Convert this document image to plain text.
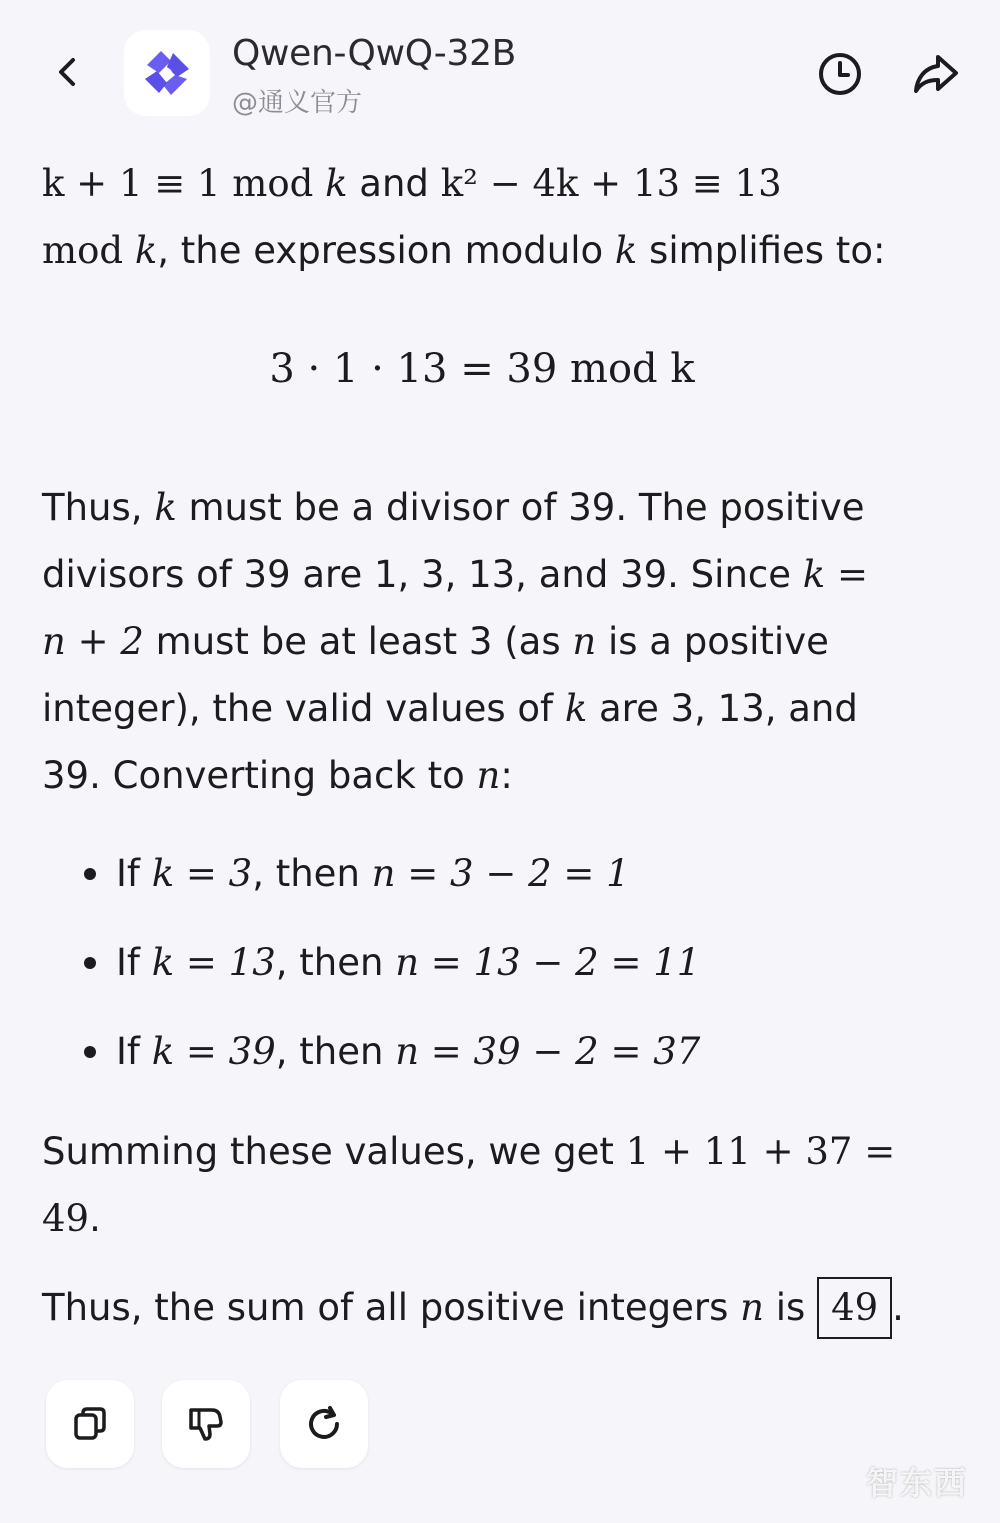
Qwen-QwQ-32B
@通义官方

k + 1 ≡ 1 mod k and k² − 4k + 13 ≡ 13
mod k, the expression modulo k simplifies to:

3 · 1 · 13 = 39 mod k

Thus, k must be a divisor of 39. The positive divisors of 39 are 1, 3, 13, and 39. Since k =
n + 2 must be at least 3 (as n is a positive integer), the valid values of k are 3, 13, and 39. Converting back to n:

If k = 3, then n = 3 − 2 = 1
If k = 13, then n = 13 − 2 = 11
If k = 39, then n = 39 − 2 = 37

Summing these values, we get 1 + 11 + 37 =
49.

Thus, the sum of all positive integers n is 49 .

智东西
